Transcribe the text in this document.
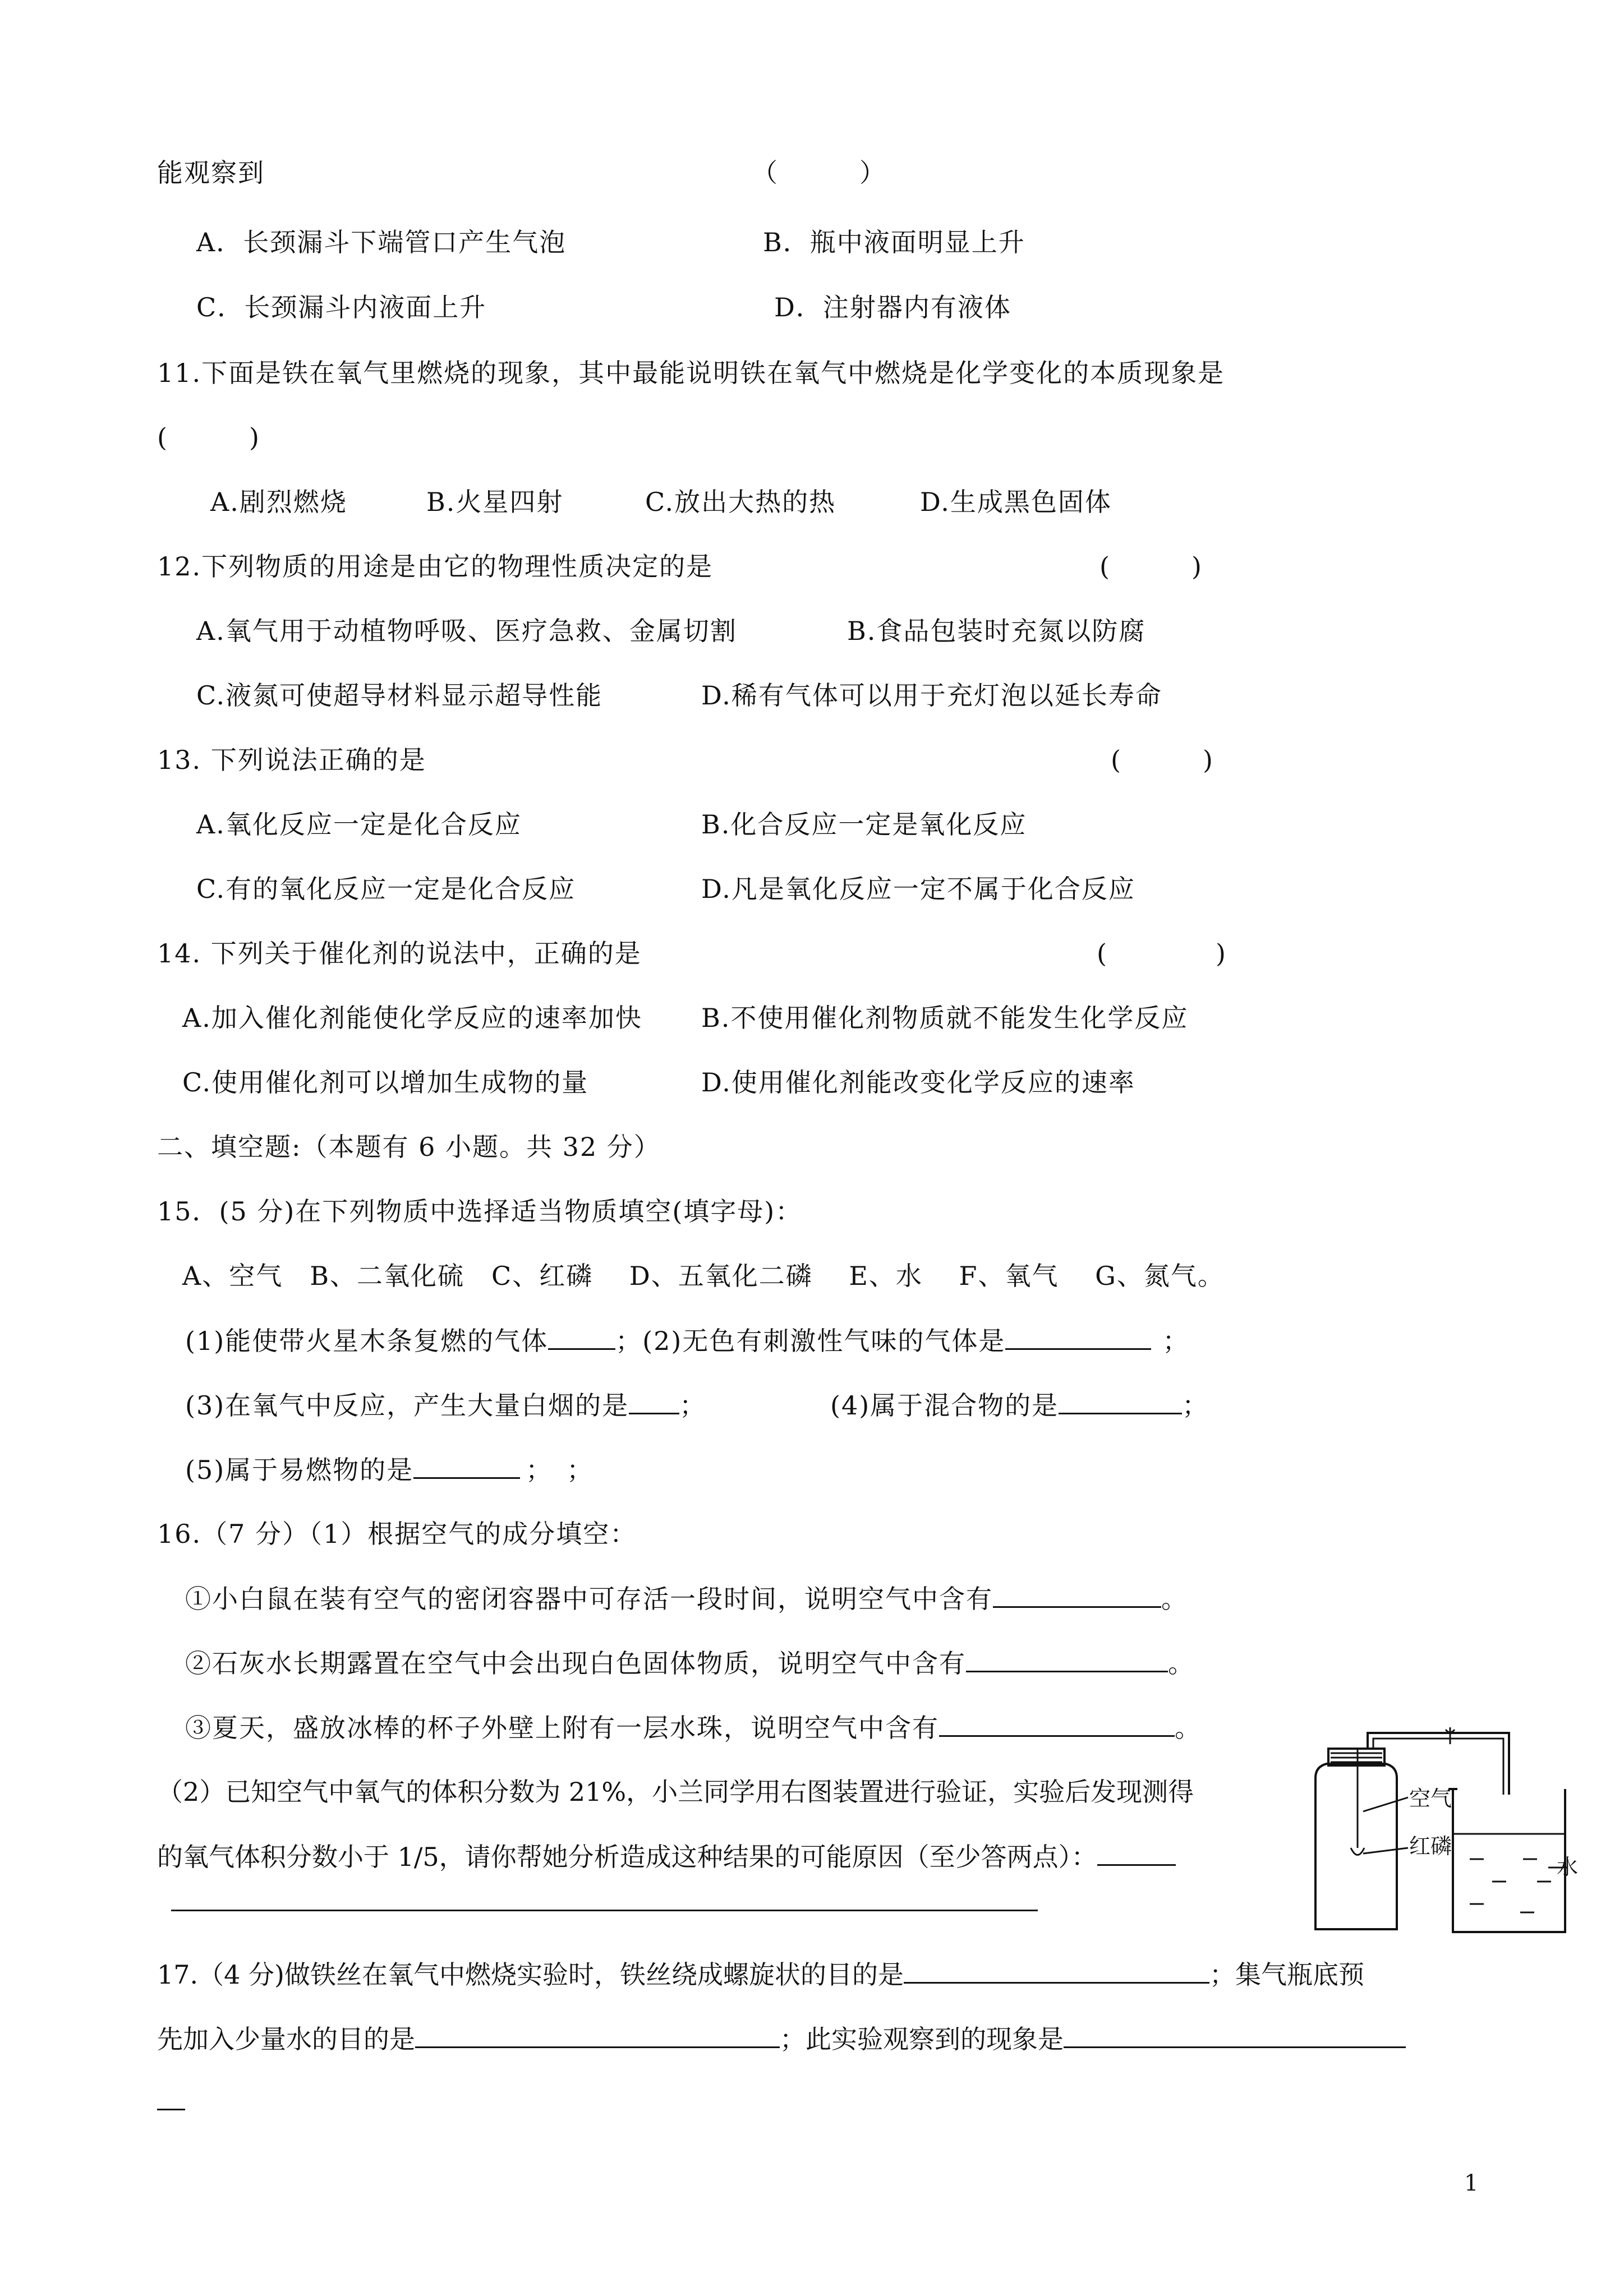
能观察到	（　　　）
A．长颈漏斗下端管口产生气泡	B．瓶中液面明显上升
C．长颈漏斗内液面上升	D．注射器内有液体
11.下面是铁在氧气里燃烧的现象，其中最能说明铁在氧气中燃烧是化学变化的本质现象是
(　　　)
A.剧烈燃烧	B.火星四射	C.放出大热的热	D.生成黑色固体
12.下列物质的用途是由它的物理性质决定的是	(　　　)
A.氧气用于动植物呼吸、医疗急救、金属切割	B.食品包装时充氮以防腐
C.液氮可使超导材料显示超导性能	D.稀有气体可以用于充灯泡以延长寿命
13. 下列说法正确的是	(　　　)
A.氧化反应一定是化合反应	B.化合反应一定是氧化反应
C.有的氧化反应一定是化合反应	D.凡是氧化反应一定不属于化合反应
14. 下列关于催化剂的说法中，正确的是	(　　　　)
A.加入催化剂能使化学反应的速率加快 B.不使用催化剂物质就不能发生化学反应
C.使用催化剂可以增加生成物的量	D.使用催化剂能改变化学反应的速率
二、填空题:（本题有 6 小题。共 32 分）
15．(5 分)在下列物质中选择适当物质填空(填字母)：
A、空气　B、二氧化硫　C、红磷　 D、五氧化二磷　 E、水　 F、氧气　 G、氮气。
(1)能使带火星木条复燃的气体	；(2)无色有刺激性气味的气体是	；
(3)在氧气中反应，产生大量白烟的是 ；	(4)属于混合物的是	；
(5)属于易燃物的是	；　；
16.（7 分）（1）根据空气的成分填空：
①小白鼠在装有空气的密闭容器中可存活一段时间，说明空气中含有	。
②石灰水长期露置在空气中会出现白色固体物质，说明空气中含有	。
③夏天，盛放冰棒的杯子外壁上附有一层水珠，说明空气中含有	。
（2）已知空气中氧气的体积分数为 21%，小兰同学用右图装置进行验证，实验后发现测得
的氧气体积分数小于 1/5，请你帮她分析造成这种结果的可能原因（至少答两点）：
空气
红磷
水
17.（4 分)做铁丝在氧气中燃烧实验时，铁丝绕成螺旋状的目的是	；集气瓶底预
先加入少量水的目的是	；此实验观察到的现象是
1
